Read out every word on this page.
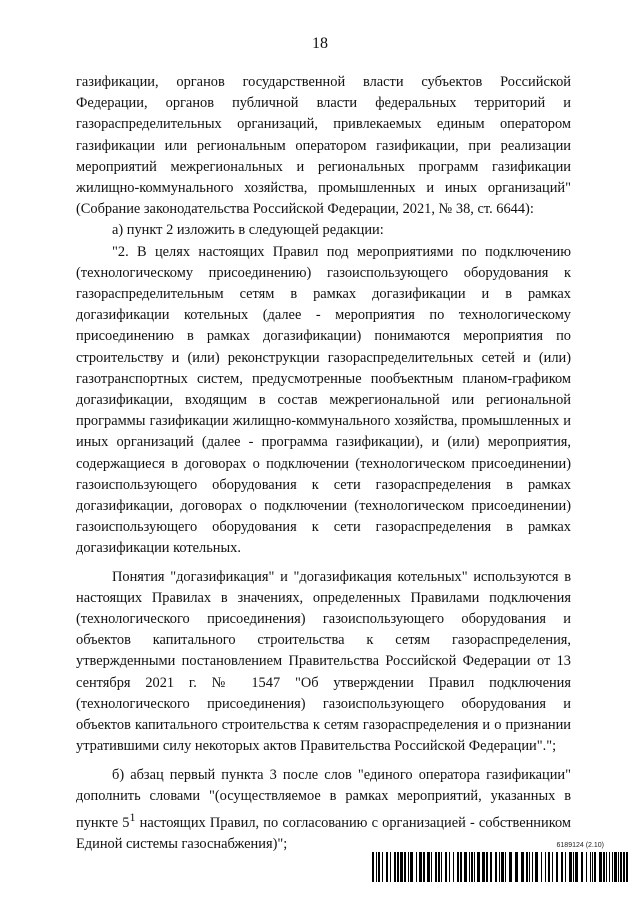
18

газификации, органов государственной власти субъектов Российской Федерации, органов публичной власти федеральных территорий и газораспределительных организаций, привлекаемых единым оператором газификации или региональным оператором газификации, при реализации мероприятий межрегиональных и региональных программ газификации жилищно-коммунального хозяйства, промышленных и иных организаций" (Собрание законодательства Российской Федерации, 2021, № 38, ст. 6644):

а) пункт 2 изложить в следующей редакции:

"2. В целях настоящих Правил под мероприятиями по подключению (технологическому присоединению) газоиспользующего оборудования к газораспределительным сетям в рамках догазификации и в рамках догазификации котельных (далее - мероприятия по технологическому присоединению в рамках догазификации) понимаются мероприятия по строительству и (или) реконструкции газораспределительных сетей и (или) газотранспортных систем, предусмотренные пообъектным планом-графиком догазификации, входящим в состав межрегиональной или региональной программы газификации жилищно-коммунального хозяйства, промышленных и иных организаций (далее - программа газификации), и (или) мероприятия, содержащиеся в договорах о подключении (технологическом присоединении) газоиспользующего оборудования к сети газораспределения в рамках догазификации, договорах о подключении (технологическом присоединении) газоиспользующего оборудования к сети газораспределения в рамках догазификации котельных.

Понятия "догазификация" и "догазификация котельных" используются в настоящих Правилах в значениях, определенных Правилами подключения (технологического присоединения) газоиспользующего оборудования и объектов капитального строительства к сетям газораспределения, утвержденными постановлением Правительства Российской Федерации от 13 сентября 2021 г. № 1547 "Об утверждении Правил подключения (технологического присоединения) газоиспользующего оборудования и объектов капитального строительства к сетям газораспределения и о признании утратившими силу некоторых актов Правительства Российской Федерации".";

б) абзац первый пункта 3 после слов "единого оператора газификации" дополнить словами "(осуществляемое в рамках мероприятий, указанных в пункте $5^1$ настоящих Правил, по согласованию с организацией - собственником Единой системы газоснабжения)";	6189124 (2.10)
